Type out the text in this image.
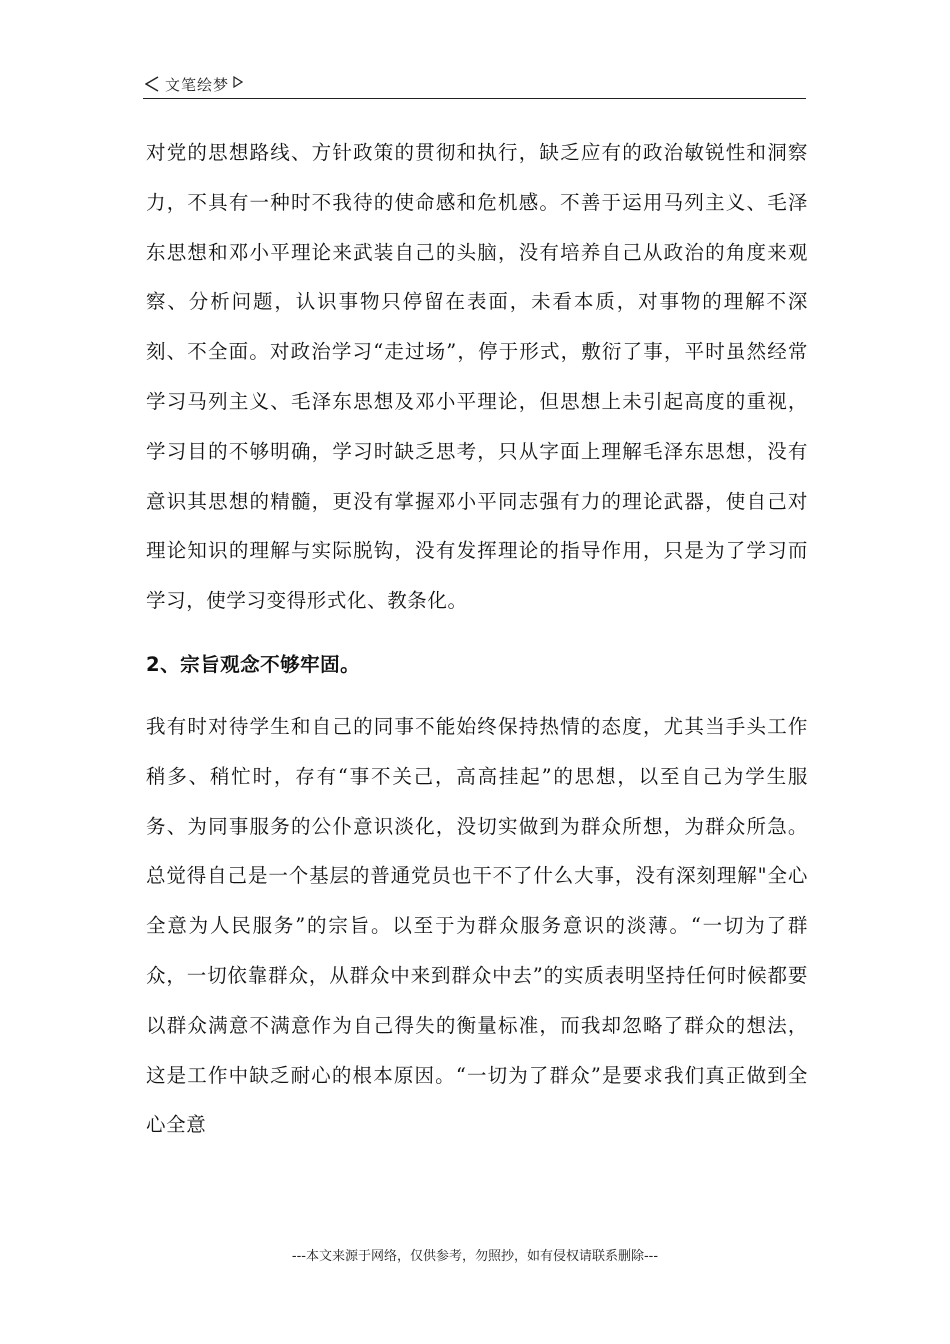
文笔绘梦

对党的思想路线、方针政策的贯彻和执行，缺乏应有的政治敏锐性和洞察力，不具有一种时不我待的使命感和危机感。不善于运用马列主义、毛泽东思想和邓小平理论来武装自己的头脑，没有培养自己从政治的角度来观察、分析问题，认识事物只停留在表面，未看本质，对事物的理解不深刻、不全面。对政治学习“走过场”，停于形式，敷衍了事，平时虽然经常学习马列主义、毛泽东思想及邓小平理论，但思想上未引起高度的重视，学习目的不够明确，学习时缺乏思考，只从字面上理解毛泽东思想，没有意识其思想的精髓，更没有掌握邓小平同志强有力的理论武器，使自己对理论知识的理解与实际脱钩，没有发挥理论的指导作用，只是为了学习而学习，使学习变得形式化、教条化。

2、宗旨观念不够牢固。

我有时对待学生和自己的同事不能始终保持热情的态度，尤其当手头工作稍多、稍忙时，存有“事不关己，高高挂起”的思想，以至自己为学生服务、为同事服务的公仆意识淡化，没切实做到为群众所想，为群众所急。总觉得自己是一个基层的普通党员也干不了什么大事，没有深刻理解"全心全意为人民服务”的宗旨。以至于为群众服务意识的淡薄。“一切为了群众，一切依靠群众，从群众中来到群众中去”的实质表明坚持任何时候都要以群众满意不满意作为自己得失的衡量标准，而我却忽略了群众的想法，这是工作中缺乏耐心的根本原因。“一切为了群众”是要求我们真正做到全心全意

---本文来源于网络，仅供参考，勿照抄，如有侵权请联系删除---
